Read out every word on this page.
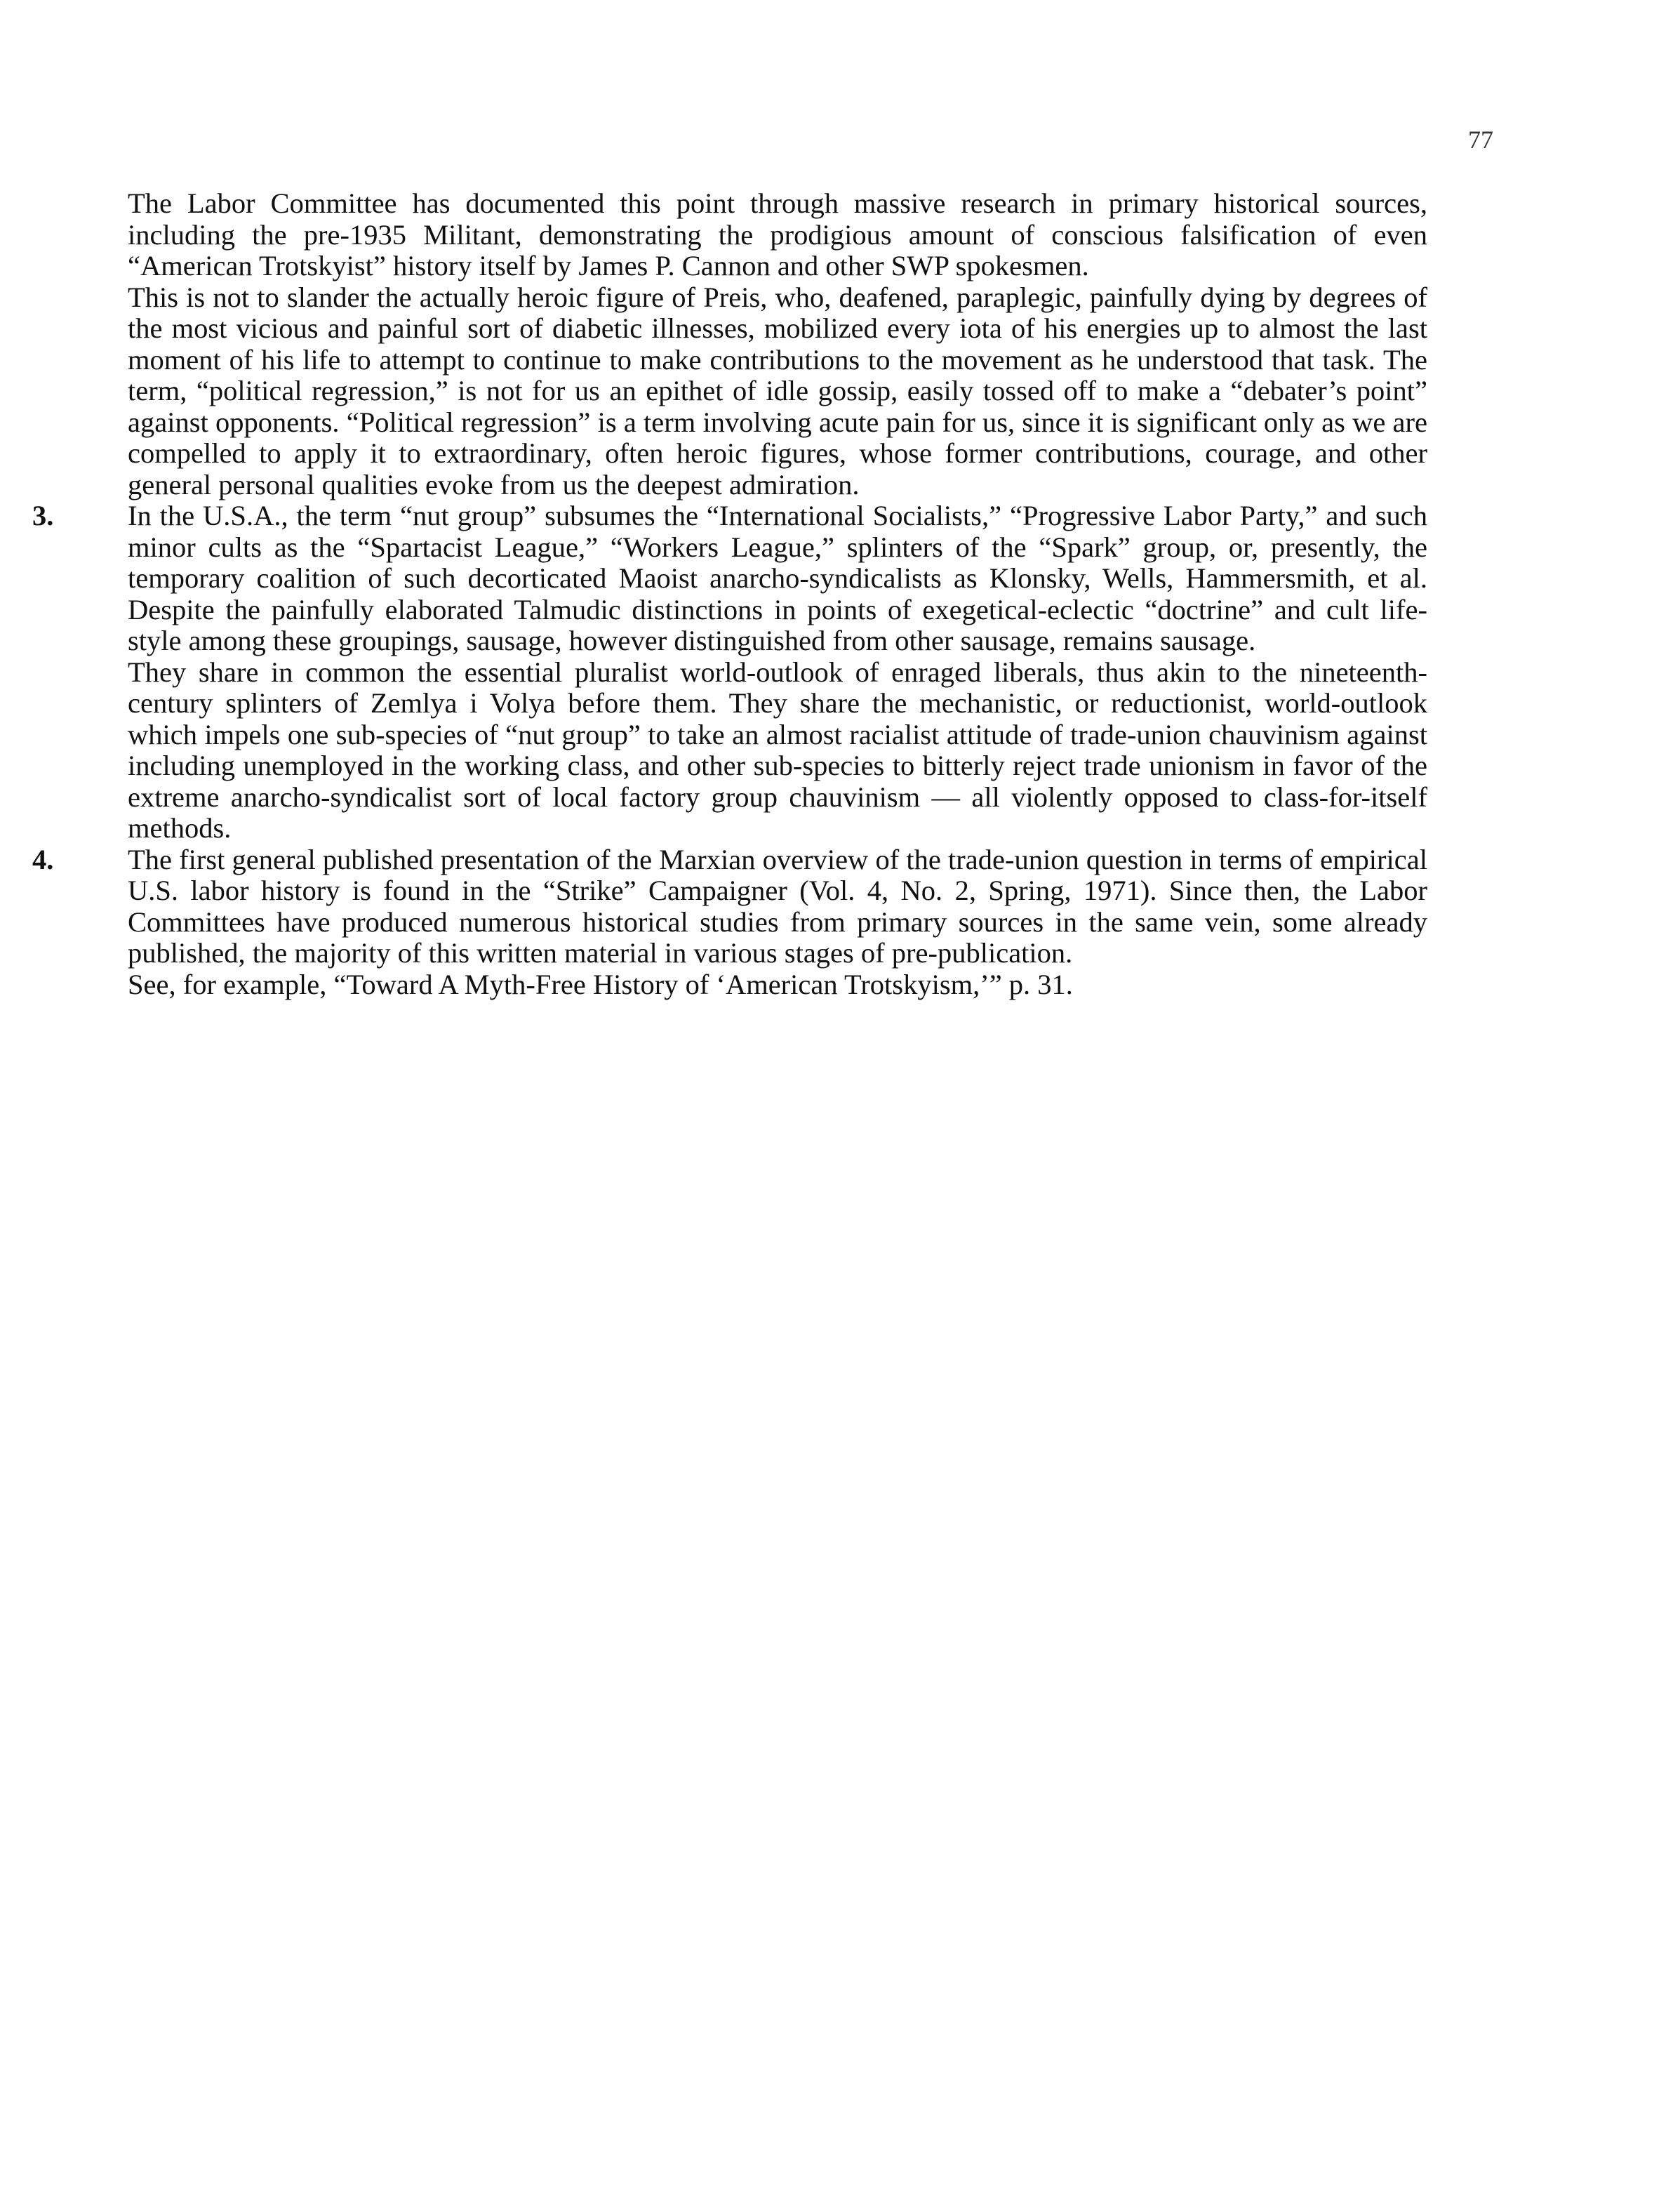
77

The Labor Committee has documented this point through massive research in primary historical sources, including the pre-1935 Militant, demonstrating the prodigious amount of conscious falsification of even “American Trotskyist” history itself by James P. Cannon and other SWP spokesmen.

This is not to slander the actually heroic figure of Preis, who, deafened, paraplegic, painfully dying by degrees of the most vicious and painful sort of diabetic illnesses, mobilized every iota of his energies up to almost the last moment of his life to attempt to continue to make contributions to the movement as he understood that task. The term, “political regression,” is not for us an epithet of idle gossip, easily tossed off to make a “debater’s point” against opponents. “Political regression” is a term involving acute pain for us, since it is significant only as we are compelled to apply it to extraordinary, often heroic figures, whose former contributions, courage, and other general personal qualities evoke from us the deepest admiration.

3.	In the U.S.A., the term “nut group” subsumes the “International Socialists,” “Progressive Labor Party,” and such minor cults as the “Spartacist League,” “Workers League,” splinters of the “Spark” group, or, presently, the temporary coalition of such decorticated Maoist anarcho-syndicalists as Klonsky, Wells, Hammersmith, et al. Despite the painfully elaborated Talmudic distinctions in points of exegetical-eclectic “doctrine” and cult life-style among these groupings, sausage, however distinguished from other sausage, remains sausage.

They share in common the essential pluralist world-outlook of enraged liberals, thus akin to the nineteenth-century splinters of Zemlya i Volya before them. They share the mechanistic, or reductionist, world-outlook which impels one sub-species of “nut group” to take an almost racialist attitude of trade-union chauvinism against including unemployed in the working class, and other sub-species to bitterly reject trade unionism in favor of the extreme anarcho-syndicalist sort of local factory group chauvinism — all violently opposed to class-for-itself methods.

4.	The first general published presentation of the Marxian overview of the trade-union question in terms of empirical U.S. labor history is found in the “Strike” Campaigner (Vol. 4, No. 2, Spring, 1971). Since then, the Labor Committees have produced numerous historical studies from primary sources in the same vein, some already published, the majority of this written material in various stages of pre-publication.

See, for example, “Toward A Myth-Free History of ‘American Trotskyism,’” p. 31.
